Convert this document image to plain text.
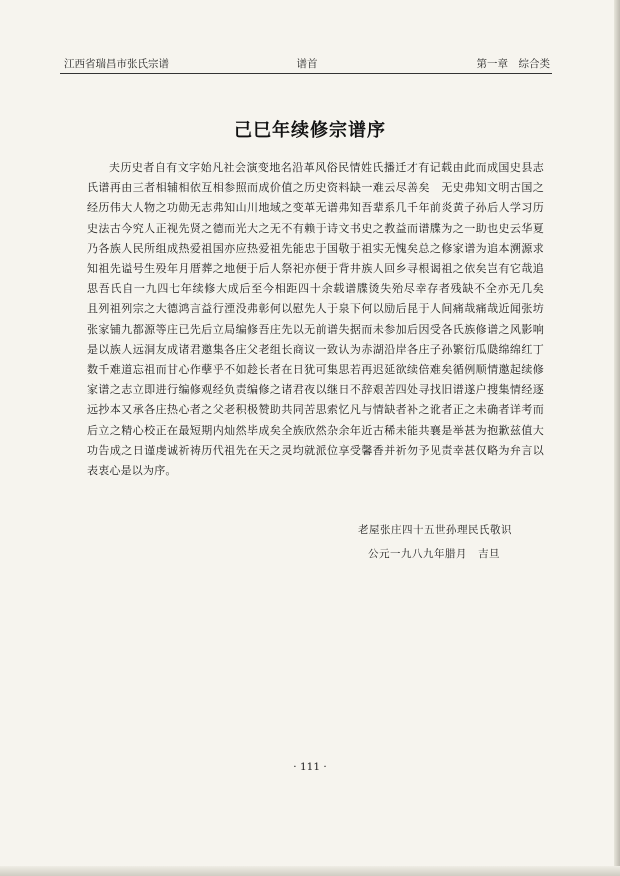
江西省瑞昌市张氏宗谱	谱首	第一章　综合类
己巳年续修宗谱序

夫历史者自有文字始凡社会演变地名沿革风俗民情姓氏播迁才有记载由此而成国史县志氏谱再由三者相辅相依互相参照而成价值之历史资料缺一难云尽善矣　无史弗知文明古国之经历伟大人物之功勋无志弗知山川地域之变革无谱弗知吾辈系几千年前炎黄子孙后人学习历史法古今究人正视先贤之德而光大之无不有赖于诗文书史之教益而谱牒为之一助也史云华夏乃各族人民所组成热爱祖国亦应热爱祖先能忠于国敬于祖实无愧矣总之修家谱为追本溯源求知祖先谥号生殁年月厝葬之地便于后人祭祀亦便于背井族人回乡寻根谒祖之依矣岂有它哉追思吾氏自一九四七年续修大成后至今相距四十余载谱牒烫失殆尽幸存者残缺不全亦无几矣　且列祖列宗之大德鸿言益行湮没弗彰何以慰先人于泉下何以励后昆于人间痛哉痛哉近闻张坊张家铺九都源等庄已先后立局编修吾庄先以无前谱失据而未参加后因受各氏族修谱之风影响是以族人远洞友成诸君邀集各庄父老组长商议一致认为赤湖沿岸各庄子孙繁衍瓜瓞绵绵红丁数千难道忘祖而甘心作孽乎不如趁长者在日犹可集思若再迟延欲续倍难矣循例顺情邀起续修家谱之志立即进行编修观经负责编修之诸君夜以继日不辞艰苦四处寻找旧谱遂户搜集情经逐远抄本又承各庄热心者之父老积极赞助共同苦思索忆凡与情缺者补之讹者正之未确者详考而后立之精心校正在最短期内灿然毕成矣全族欣然杂余年近古稀未能共襄是举甚为抱歉兹值大功告成之日谨虔诚祈祷历代祖先在天之灵均就派位享受馨香并祈勿予见责幸甚仅略为弁言以表衷心是以为序。

老屋张庄四十五世孙理民氏敬识
公元一九八九年腊月　吉旦
· 111 ·
